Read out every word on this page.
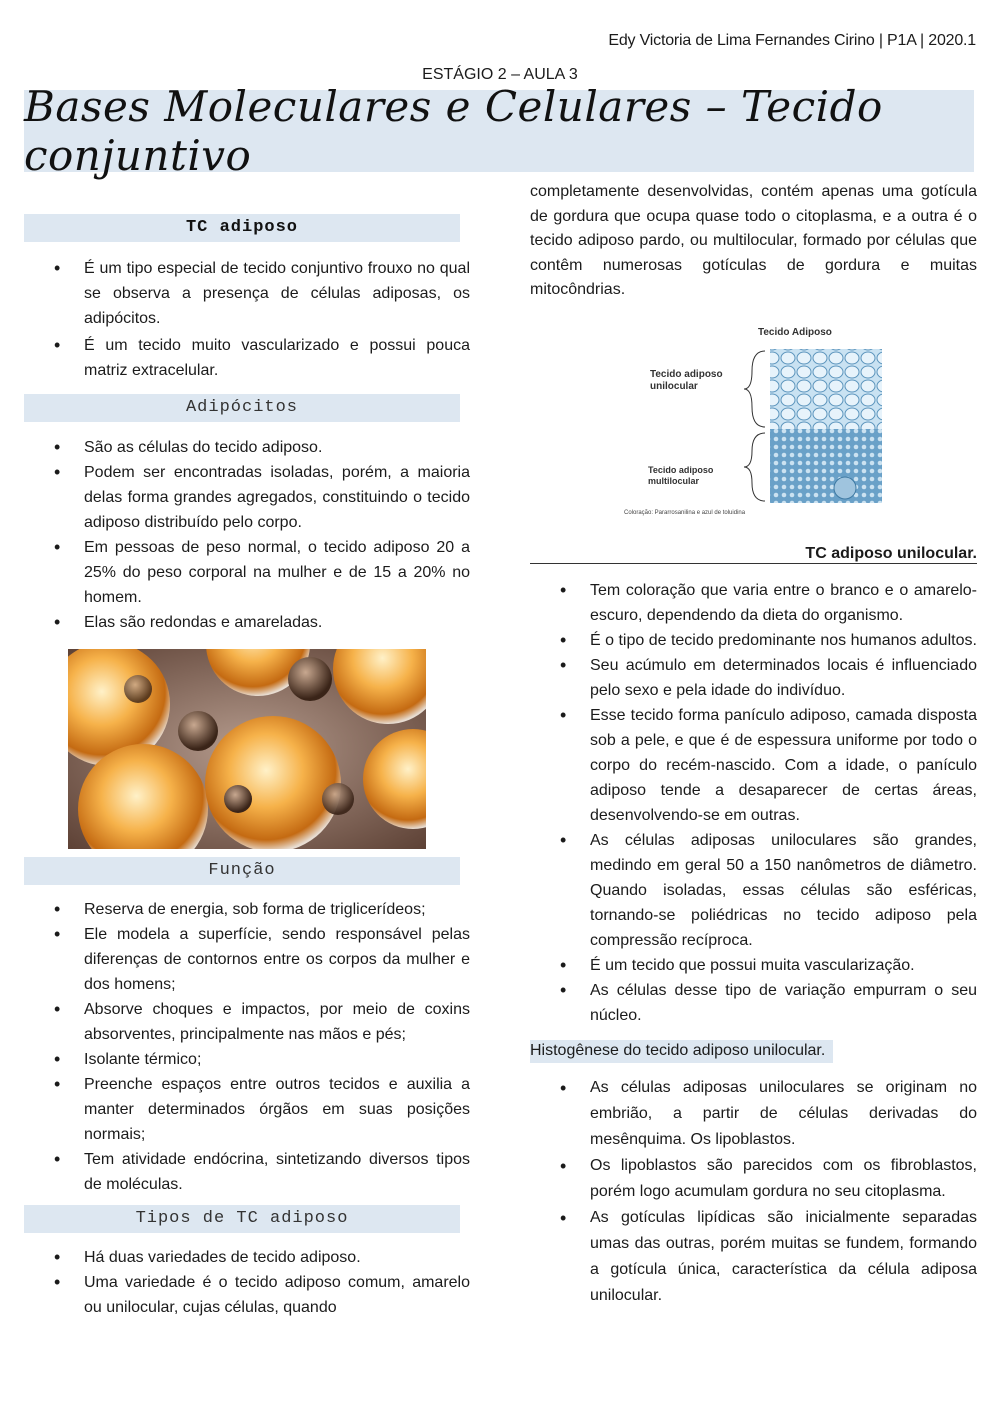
Edy Victoria de Lima Fernandes Cirino | P1A | 2020.1
ESTÁGIO 2 – AULA 3
Bases Moleculares e Celulares – Tecido conjuntivo
TC adiposo
• É um tipo especial de tecido conjuntivo frouxo no qual se observa a presença de células adiposas, os adipócitos.
• É um tecido muito vascularizado e possui pouca matriz extracelular.
Adipócitos
• São as células do tecido adiposo.
• Podem ser encontradas isoladas, porém, a maioria delas forma grandes agregados, constituindo o tecido adiposo distribuído pelo corpo.
• Em pessoas de peso normal, o tecido adiposo 20 a 25% do peso corporal na mulher e de 15 a 20% no homem.
• Elas são redondas e amareladas.
Função
• Reserva de energia, sob forma de triglicerídeos;
• Ele modela a superfície, sendo responsável pelas diferenças de contornos entre os corpos da mulher e dos homens;
• Absorve choques e impactos, por meio de coxins absorventes, principalmente nas mãos e pés;
• Isolante térmico;
• Preenche espaços entre outros tecidos e auxilia a manter determinados órgãos em suas posições normais;
• Tem atividade endócrina, sintetizando diversos tipos de moléculas.
Tipos de TC adiposo
• Há duas variedades de tecido adiposo.
• Uma variedade é o tecido adiposo comum, amarelo ou unilocular, cujas células, quando

completamente desenvolvidas, contém apenas uma gotícula de gordura que ocupa quase todo o citoplasma, e a outra é o tecido adiposo pardo, ou multilocular, formado por células que contêm numerosas gotículas de gordura e muitas mitocôndrias.

Tecido Adiposo
Tecido adiposo
unilocular
Tecido adiposo
multilocular
Coloração: Pararrosanilina e azul de toluidina
TC adiposo unilocular.
• Tem coloração que varia entre o branco e o amarelo-escuro, dependendo da dieta do organismo.
• É o tipo de tecido predominante nos humanos adultos.
• Seu acúmulo em determinados locais é influenciado pelo sexo e pela idade do indivíduo.
• Esse tecido forma panículo adiposo, camada disposta sob a pele, e que é de espessura uniforme por todo o corpo do recém-nascido. Com a idade, o panículo adiposo tende a desaparecer de certas áreas, desenvolvendo-se em outras.
• As células adiposas uniloculares são grandes, medindo em geral 50 a 150 nanômetros de diâmetro. Quando isoladas, essas células são esféricas, tornando-se poliédricas no tecido adiposo pela compressão recíproca.
• É um tecido que possui muita vascularização.
• As células desse tipo de variação empurram o seu núcleo.
Histogênese do tecido adiposo unilocular.
• As células adiposas uniloculares se originam no embrião, a partir de células derivadas do mesênquima. Os lipoblastos.
• Os lipoblastos são parecidos com os fibroblastos, porém logo acumulam gordura no seu citoplasma.
• As gotículas lipídicas são inicialmente separadas umas das outras, porém muitas se fundem, formando a gotícula única, característica da célula adiposa unilocular.
